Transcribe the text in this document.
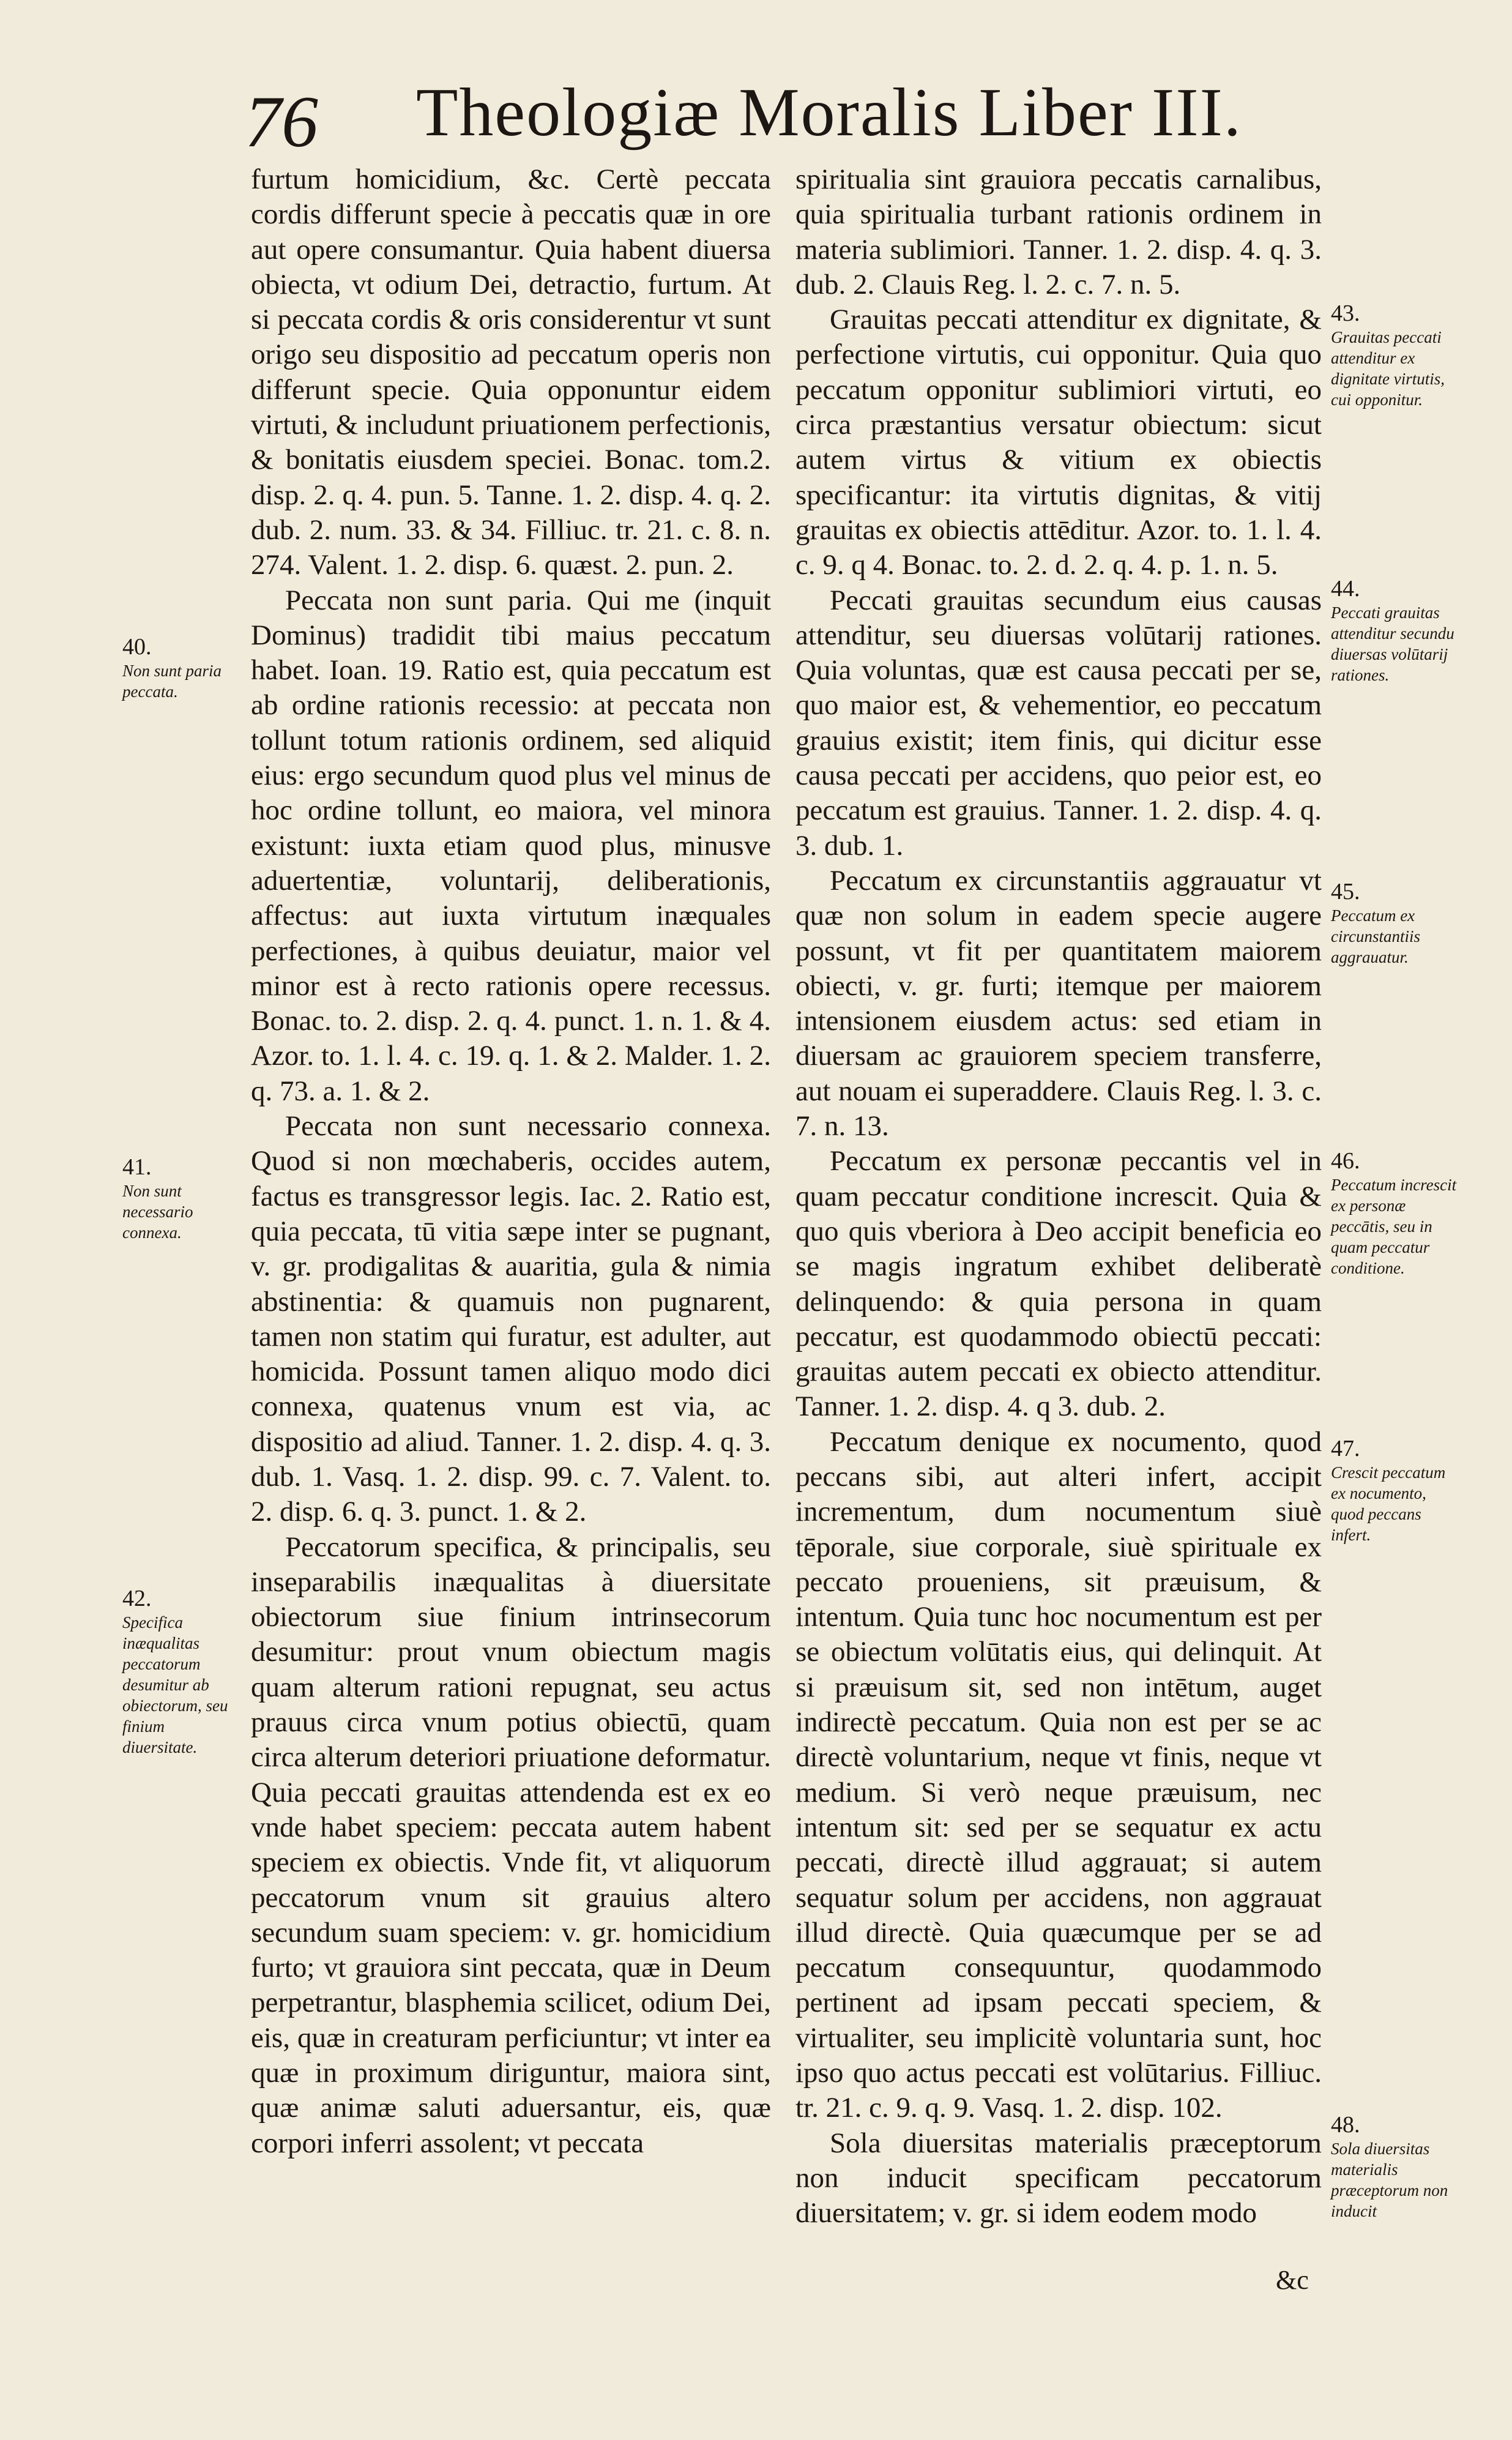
76 Theologiæ Moralis Liber III.

furtum homicidium, &c. Certè peccata cordis differunt specie à peccatis quæ in ore aut opere consumantur. Quia habent diuersa obiecta, vt odium Dei, detractio, furtum. At si peccata cordis & oris considerentur vt sunt origo seu dispositio ad peccatum operis non differunt specie. Quia opponuntur eidem virtuti, & includunt priuationem perfectionis, & bonitatis eiusdem speciei. Bonac. tom.2. disp. 2. q. 4. pun. 5. Tanne. 1. 2. disp. 4. q. 2. dub. 2. num. 33. & 34. Filliuc. tr. 21. c. 8. n. 274. Valent. 1. 2. disp. 6. quæst. 2. pun. 2.

Peccata non sunt paria. Qui me (inquit Dominus) tradidit tibi maius peccatum habet. Ioan. 19. Ratio est, quia peccatum est ab ordine rationis recessio: at peccata non tollunt totum rationis ordinem, sed aliquid eius: ergo secundum quod plus vel minus de hoc ordine tollunt, eo maiora, vel minora existunt: iuxta etiam quod plus, minusve aduertentiæ, voluntarij, deliberationis, affectus: aut iuxta virtutum inæquales perfectiones, à quibus deuiatur, maior vel minor est à recto rationis opere recessus. Bonac. to. 2. disp. 2. q. 4. punct. 1. n. 1. & 4. Azor. to. 1. l. 4. c. 19. q. 1. & 2. Malder. 1. 2. q. 73. a. 1. & 2.

Peccata non sunt necessario connexa. Quod si non mœchaberis, occides autem, factus es transgressor legis. Iac. 2. Ratio est, quia peccata, tū vitia sæpe inter se pugnant, v. gr. prodigalitas & auaritia, gula & nimia abstinentia: & quamuis non pugnarent, tamen non statim qui furatur, est adulter, aut homicida. Possunt tamen aliquo modo dici connexa, quatenus vnum est via, ac dispositio ad aliud. Tanner. 1. 2. disp. 4. q. 3. dub. 1. Vasq. 1. 2. disp. 99. c. 7. Valent. to. 2. disp. 6. q. 3. punct. 1. & 2.

Peccatorum specifica, & principalis, seu inseparabilis inæqualitas à diuersitate obiectorum siue finium intrinsecorum desumitur: prout vnum obiectum magis quam alterum rationi repugnat, seu actus prauus circa vnum potius obiectū, quam circa alterum deteriori priuatione deformatur. Quia peccati grauitas attendenda est ex eo vnde habet speciem: peccata autem habent speciem ex obiectis. Vnde fit, vt aliquorum peccatorum vnum sit grauius altero secundum suam speciem: v. gr. homicidium furto; vt grauiora sint peccata, quæ in Deum perpetrantur, blasphemia scilicet, odium Dei, eis, quæ in creaturam perficiuntur; vt inter ea quæ in proximum diriguntur, maiora sint, quæ animæ saluti aduersantur, eis, quæ corpori inferri assolent; vt peccata

spiritualia sint grauiora peccatis carnalibus, quia spiritualia turbant rationis ordinem in materia sublimiori. Tanner. 1. 2. disp. 4. q. 3. dub. 2. Clauis Reg. l. 2. c. 7. n. 5.

Grauitas peccati attenditur ex dignitate, & perfectione virtutis, cui opponitur. Quia quo peccatum opponitur sublimiori virtuti, eo circa præstantius versatur obiectum: sicut autem virtus & vitium ex obiectis specificantur: ita virtutis dignitas, & vitij grauitas ex obiectis attēditur. Azor. to. 1. l. 4. c. 9. q 4. Bonac. to. 2. d. 2. q. 4. p. 1. n. 5.

Peccati grauitas secundum eius causas attenditur, seu diuersas volūtarij rationes. Quia voluntas, quæ est causa peccati per se, quo maior est, & vehementior, eo peccatum grauius existit; item finis, qui dicitur esse causa peccati per accidens, quo peior est, eo peccatum est grauius. Tanner. 1. 2. disp. 4. q. 3. dub. 1.

Peccatum ex circunstantiis aggrauatur vt quæ non solum in eadem specie augere possunt, vt fit per quantitatem maiorem obiecti, v. gr. furti; itemque per maiorem intensionem eiusdem actus: sed etiam in diuersam ac grauiorem speciem transferre, aut nouam ei superaddere. Clauis Reg. l. 3. c. 7. n. 13.

Peccatum ex personæ peccantis vel in quam peccatur conditione increscit. Quia & quo quis vberiora à Deo accipit beneficia eo se magis ingratum exhibet deliberatè delinquendo: & quia persona in quam peccatur, est quodammodo obiectū peccati: grauitas autem peccati ex obiecto attenditur. Tanner. 1. 2. disp. 4. q 3. dub. 2.

Peccatum denique ex nocumento, quod peccans sibi, aut alteri infert, accipit incrementum, dum nocumentum siuè tēporale, siue corporale, siuè spirituale ex peccato proueniens, sit præuisum, & intentum. Quia tunc hoc nocumentum est per se obiectum volūtatis eius, qui delinquit. At si præuisum sit, sed non intētum, auget indirectè peccatum. Quia non est per se ac directè voluntarium, neque vt finis, neque vt medium. Si verò neque præuisum, nec intentum sit: sed per se sequatur ex actu peccati, directè illud aggrauat; si autem sequatur solum per accidens, non aggrauat illud directè. Quia quæcumque per se ad peccatum consequuntur, quodammodo pertinent ad ipsam peccati speciem, & virtualiter, seu implicitè voluntaria sunt, hoc ipso quo actus peccati est volūtarius. Filliuc. tr. 21. c. 9. q. 9. Vasq. 1. 2. disp. 102.

Sola diuersitas materialis præceptorum non inducit specificam peccatorum diuersitatem; v. gr. si idem eodem modo

40.
Non sunt paria peccata.
41.
Non sunt necessario connexa.
42.
Specifica inæqualitas peccatorum desumitur ab obiectorum, seu finium diuersitate.
43.
Grauitas peccati attenditur ex dignitate virtutis, cui opponitur.
44.
Peccati grauitas attenditur secundu diuersas volūtarij rationes.
45.
Peccatum ex circunstantiis aggrauatur.
46.
Peccatum increscit ex personæ peccātis, seu in quam peccatur conditione.
47.
Crescit peccatum ex nocumento, quod peccans infert.
48.
Sola diuersitas materialis præceptorum non inducit
&c
